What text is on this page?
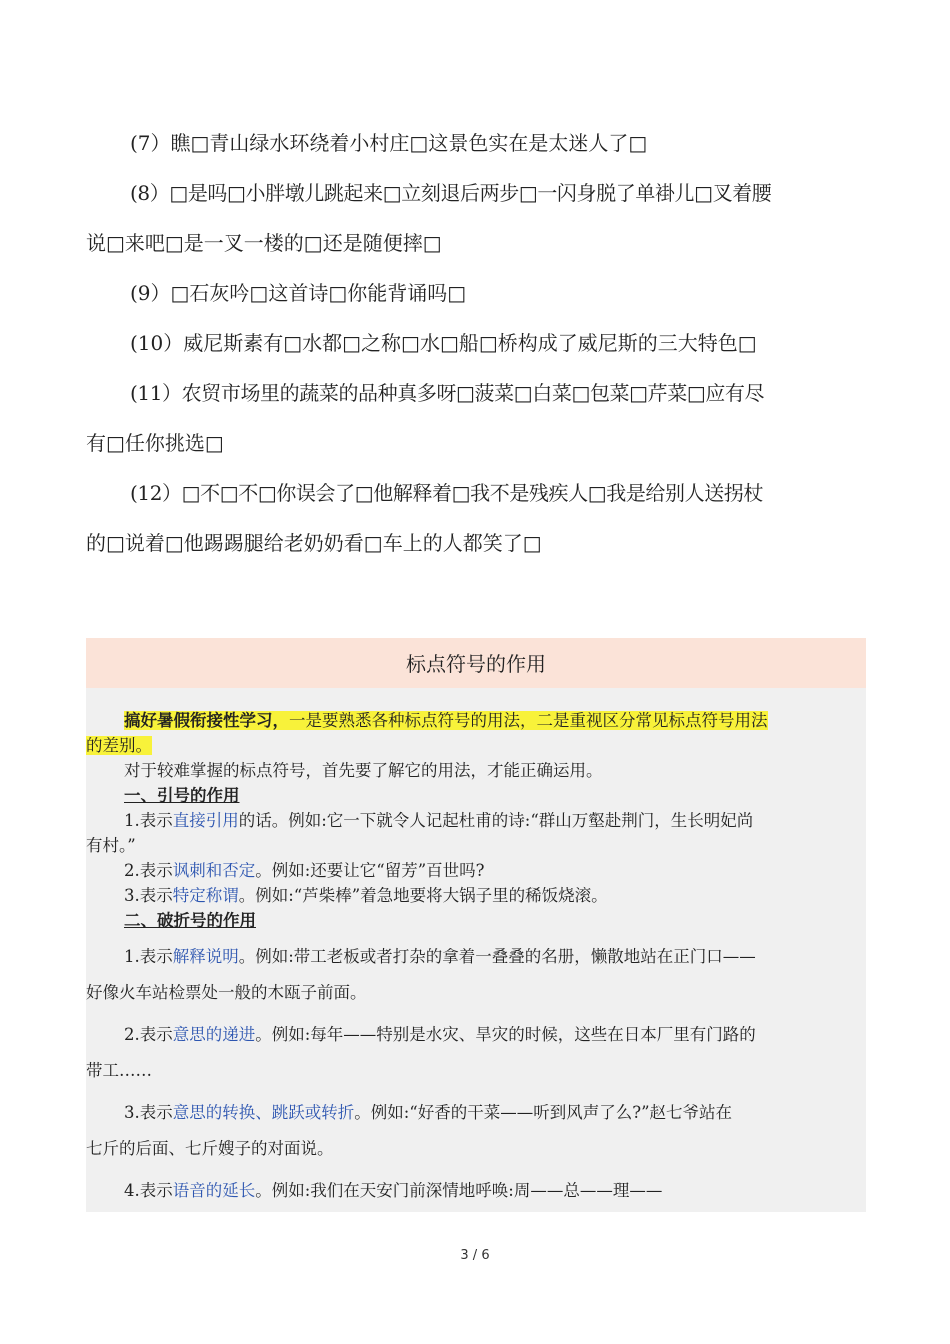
(7）瞧□青山绿水环绕着小村庄□这景色实在是太迷人了□
(8）□是吗□小胖墩儿跳起来□立刻退后两步□一闪身脱了单褂儿□叉着腰
说□来吧□是一叉一楼的□还是随便摔□
(9）□石灰吟□这首诗□你能背诵吗□
(10）威尼斯素有□水都□之称□水□船□桥构成了威尼斯的三大特色□
(11）农贸市场里的蔬菜的品种真多呀□菠菜□白菜□包菜□芹菜□应有尽
有□任你挑选□
(12）□不□不□你误会了□他解释着□我不是残疾人□我是给别人送拐杖
的□说着□他踢踢腿给老奶奶看□车上的人都笑了□
标点符号的作用
搞好暑假衔接性学习，一是要熟悉各种标点符号的用法，二是重视区分常见标点符号用法
的差别。
对于较难掌握的标点符号，首先要了解它的用法，才能正确运用。
一、引号的作用
1.表示直接引用的话。例如:它一下就令人记起杜甫的诗:“群山万壑赴荆门，生长明妃尚
有村。”
2.表示讽刺和否定。例如:还要让它“留芳”百世吗?
3.表示特定称谓。例如:“芦柴棒”着急地要将大锅子里的稀饭烧滚。
二、破折号的作用
1.表示解释说明。例如:带工老板或者打杂的拿着一叠叠的名册，懒散地站在正门口——
好像火车站检票处一般的木瓯子前面。
2.表示意思的递进。例如:每年——特别是水灾、旱灾的时候，这些在日本厂里有门路的
带工……
3.表示意思的转换、跳跃或转折。例如:“好香的干菜——听到风声了么?”赵七爷站在
七斤的后面、七斤嫂子的对面说。
4.表示语音的延长。例如:我们在天安门前深情地呼唤:周——总——理——
3 / 6
